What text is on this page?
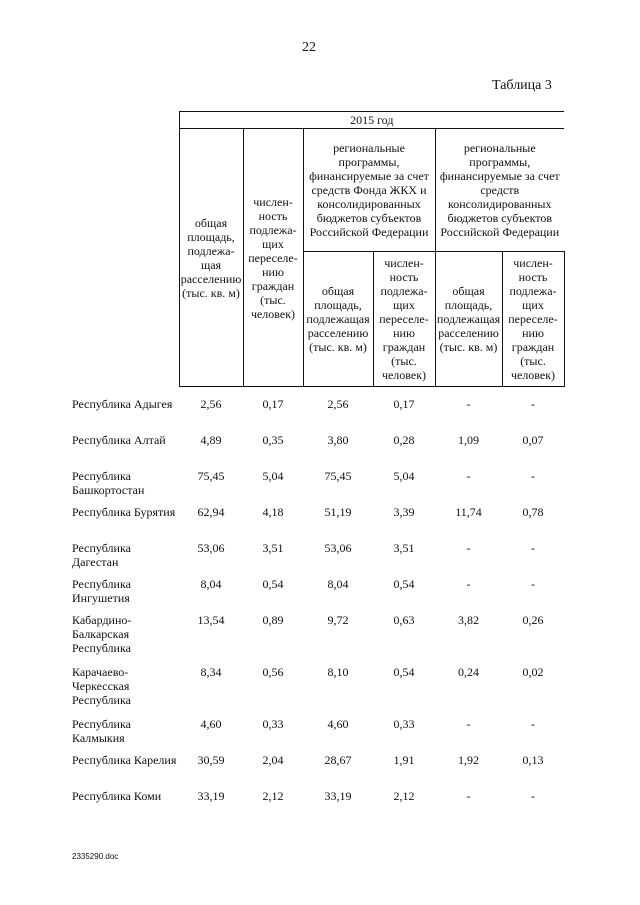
22
Таблица 3
	2015 год					
	общая площадь, подлежащая расселению (тыс. кв. м)	численность подлежащих переселению граждан (тыс. человек)	региональные программы, финансируемые за счет средств Фонда ЖКХ и консолидированных бюджетов субъектов Российской Федерации		региональные программы, финансируемые за счет средств консолидированных бюджетов субъектов Российской Федерации	
			общая площадь, подлежащая расселению (тыс. кв. м)	численность подлежащих переселению граждан (тыс. человек)	общая площадь, подлежащая расселению (тыс. кв. м)	численность подлежащих переселению граждан (тыс. человек)
Республика Адыгея	2,56	0,17	2,56	0,17	-	-
Республика Алтай	4,89	0,35	3,80	0,28	1,09	0,07
Республика Башкортостан	75,45	5,04	75,45	5,04	-	-
Республика Бурятия	62,94	4,18	51,19	3,39	11,74	0,78
Республика Дагестан	53,06	3,51	53,06	3,51	-	-
Республика Ингушетия	8,04	0,54	8,04	0,54	-	-
Кабардино-Балкарская Республика	13,54	0,89	9,72	0,63	3,82	0,26
Карачаево-Черкесская Республика	8,34	0,56	8,10	0,54	0,24	0,02
Республика Калмыкия	4,60	0,33	4,60	0,33	-	-
Республика Карелия	30,59	2,04	28,67	1,91	1,92	0,13
Республика Коми	33,19	2,12	33,19	2,12	-	-
2335290.doc
